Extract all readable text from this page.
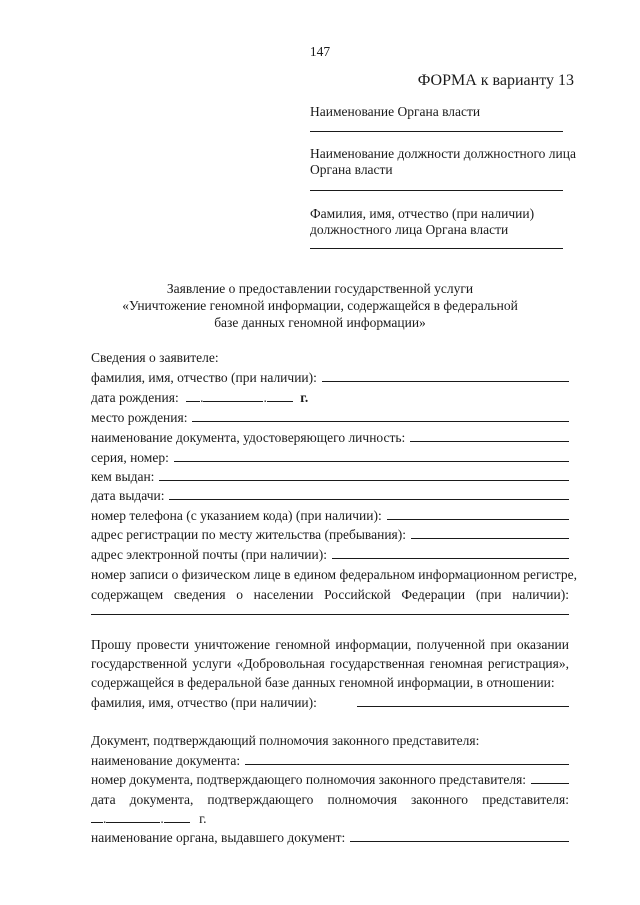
147
ФОРМА к варианту 13
Наименование Органа власти
Наименование должности должностного лица
Органа власти
Фамилия, имя, отчество (при наличии)
должностного лица Органа власти
Заявление о предоставлении государственной услуги
«Уничтожение геномной информации, содержащейся в федеральной
базе данных геномной информации»
Сведения о заявителе:
фамилия, имя, отчество (при наличии):
дата рождения: .	. г.
место рождения:
наименование документа, удостоверяющего личность:
серия, номер:
кем выдан:
дата выдачи:
номер телефона (с указанием кода) (при наличии):
адрес регистрации по месту жительства (пребывания):
адрес электронной почты (при наличии):
номер записи о физическом лице в едином федеральном информационном регистре,
содержащем сведения о населении Российской Федерации (при наличии):
Прошу провести уничтожение геномной информации, полученной при оказании
государственной услуги «Добровольная государственная геномная регистрация»,
содержащейся в федеральной базе данных геномной информации, в отношении:
фамилия, имя, отчество (при наличии):
Документ, подтверждающий полномочия законного представителя:
наименование документа:
номер документа, подтверждающего полномочия законного представителя:
дата документа, подтверждающего полномочия законного представителя:
.	.	г.
наименование органа, выдавшего документ:
